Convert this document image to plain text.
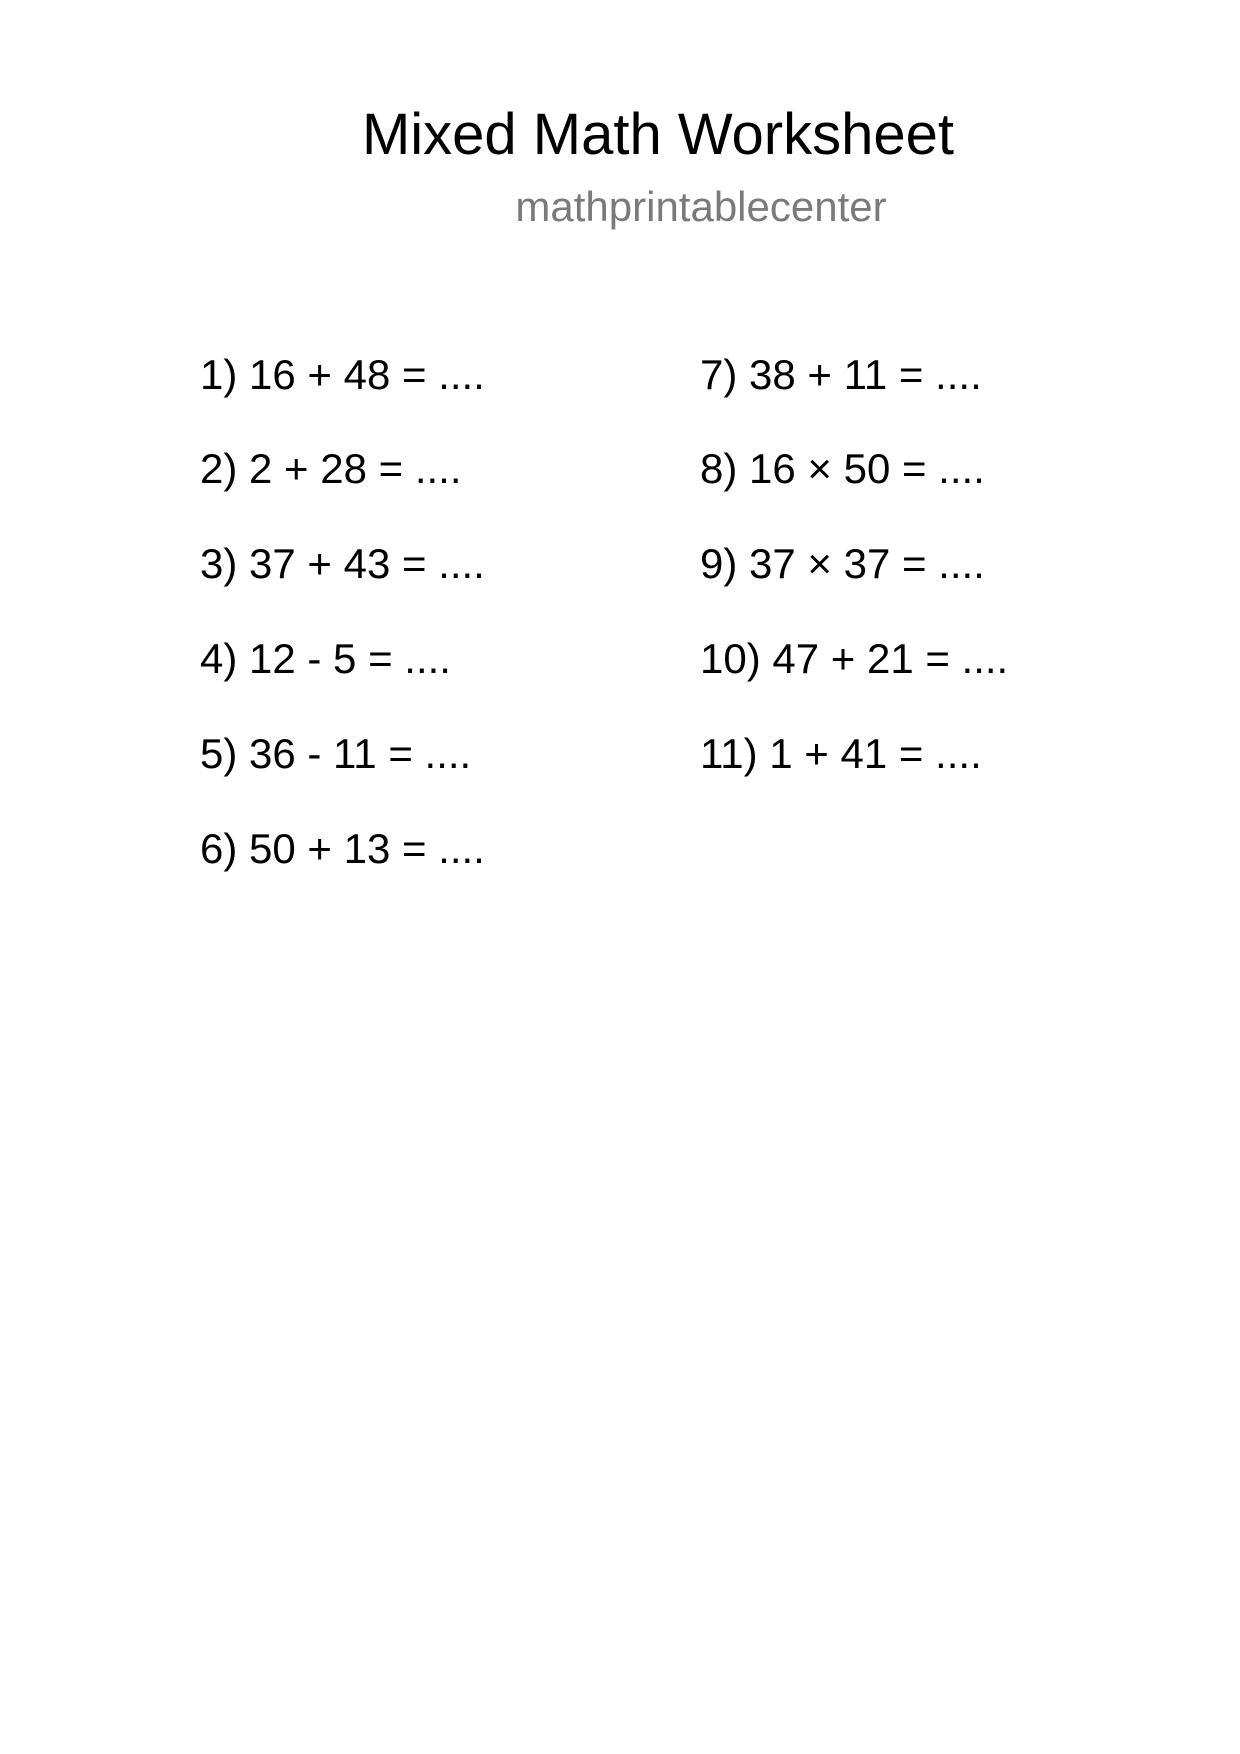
Mixed Math Worksheet
mathprintablecenter
1) 16 + 48 = ....
2) 2 + 28 = ....
3) 37 + 43 = ....
4) 12 - 5 = ....
5) 36 - 11 = ....
6) 50 + 13 = ....
7) 38 + 11 = ....
8) 16 × 50 = ....
9) 37 × 37 = ....
10) 47 + 21 = ....
11) 1 + 41 = ....
